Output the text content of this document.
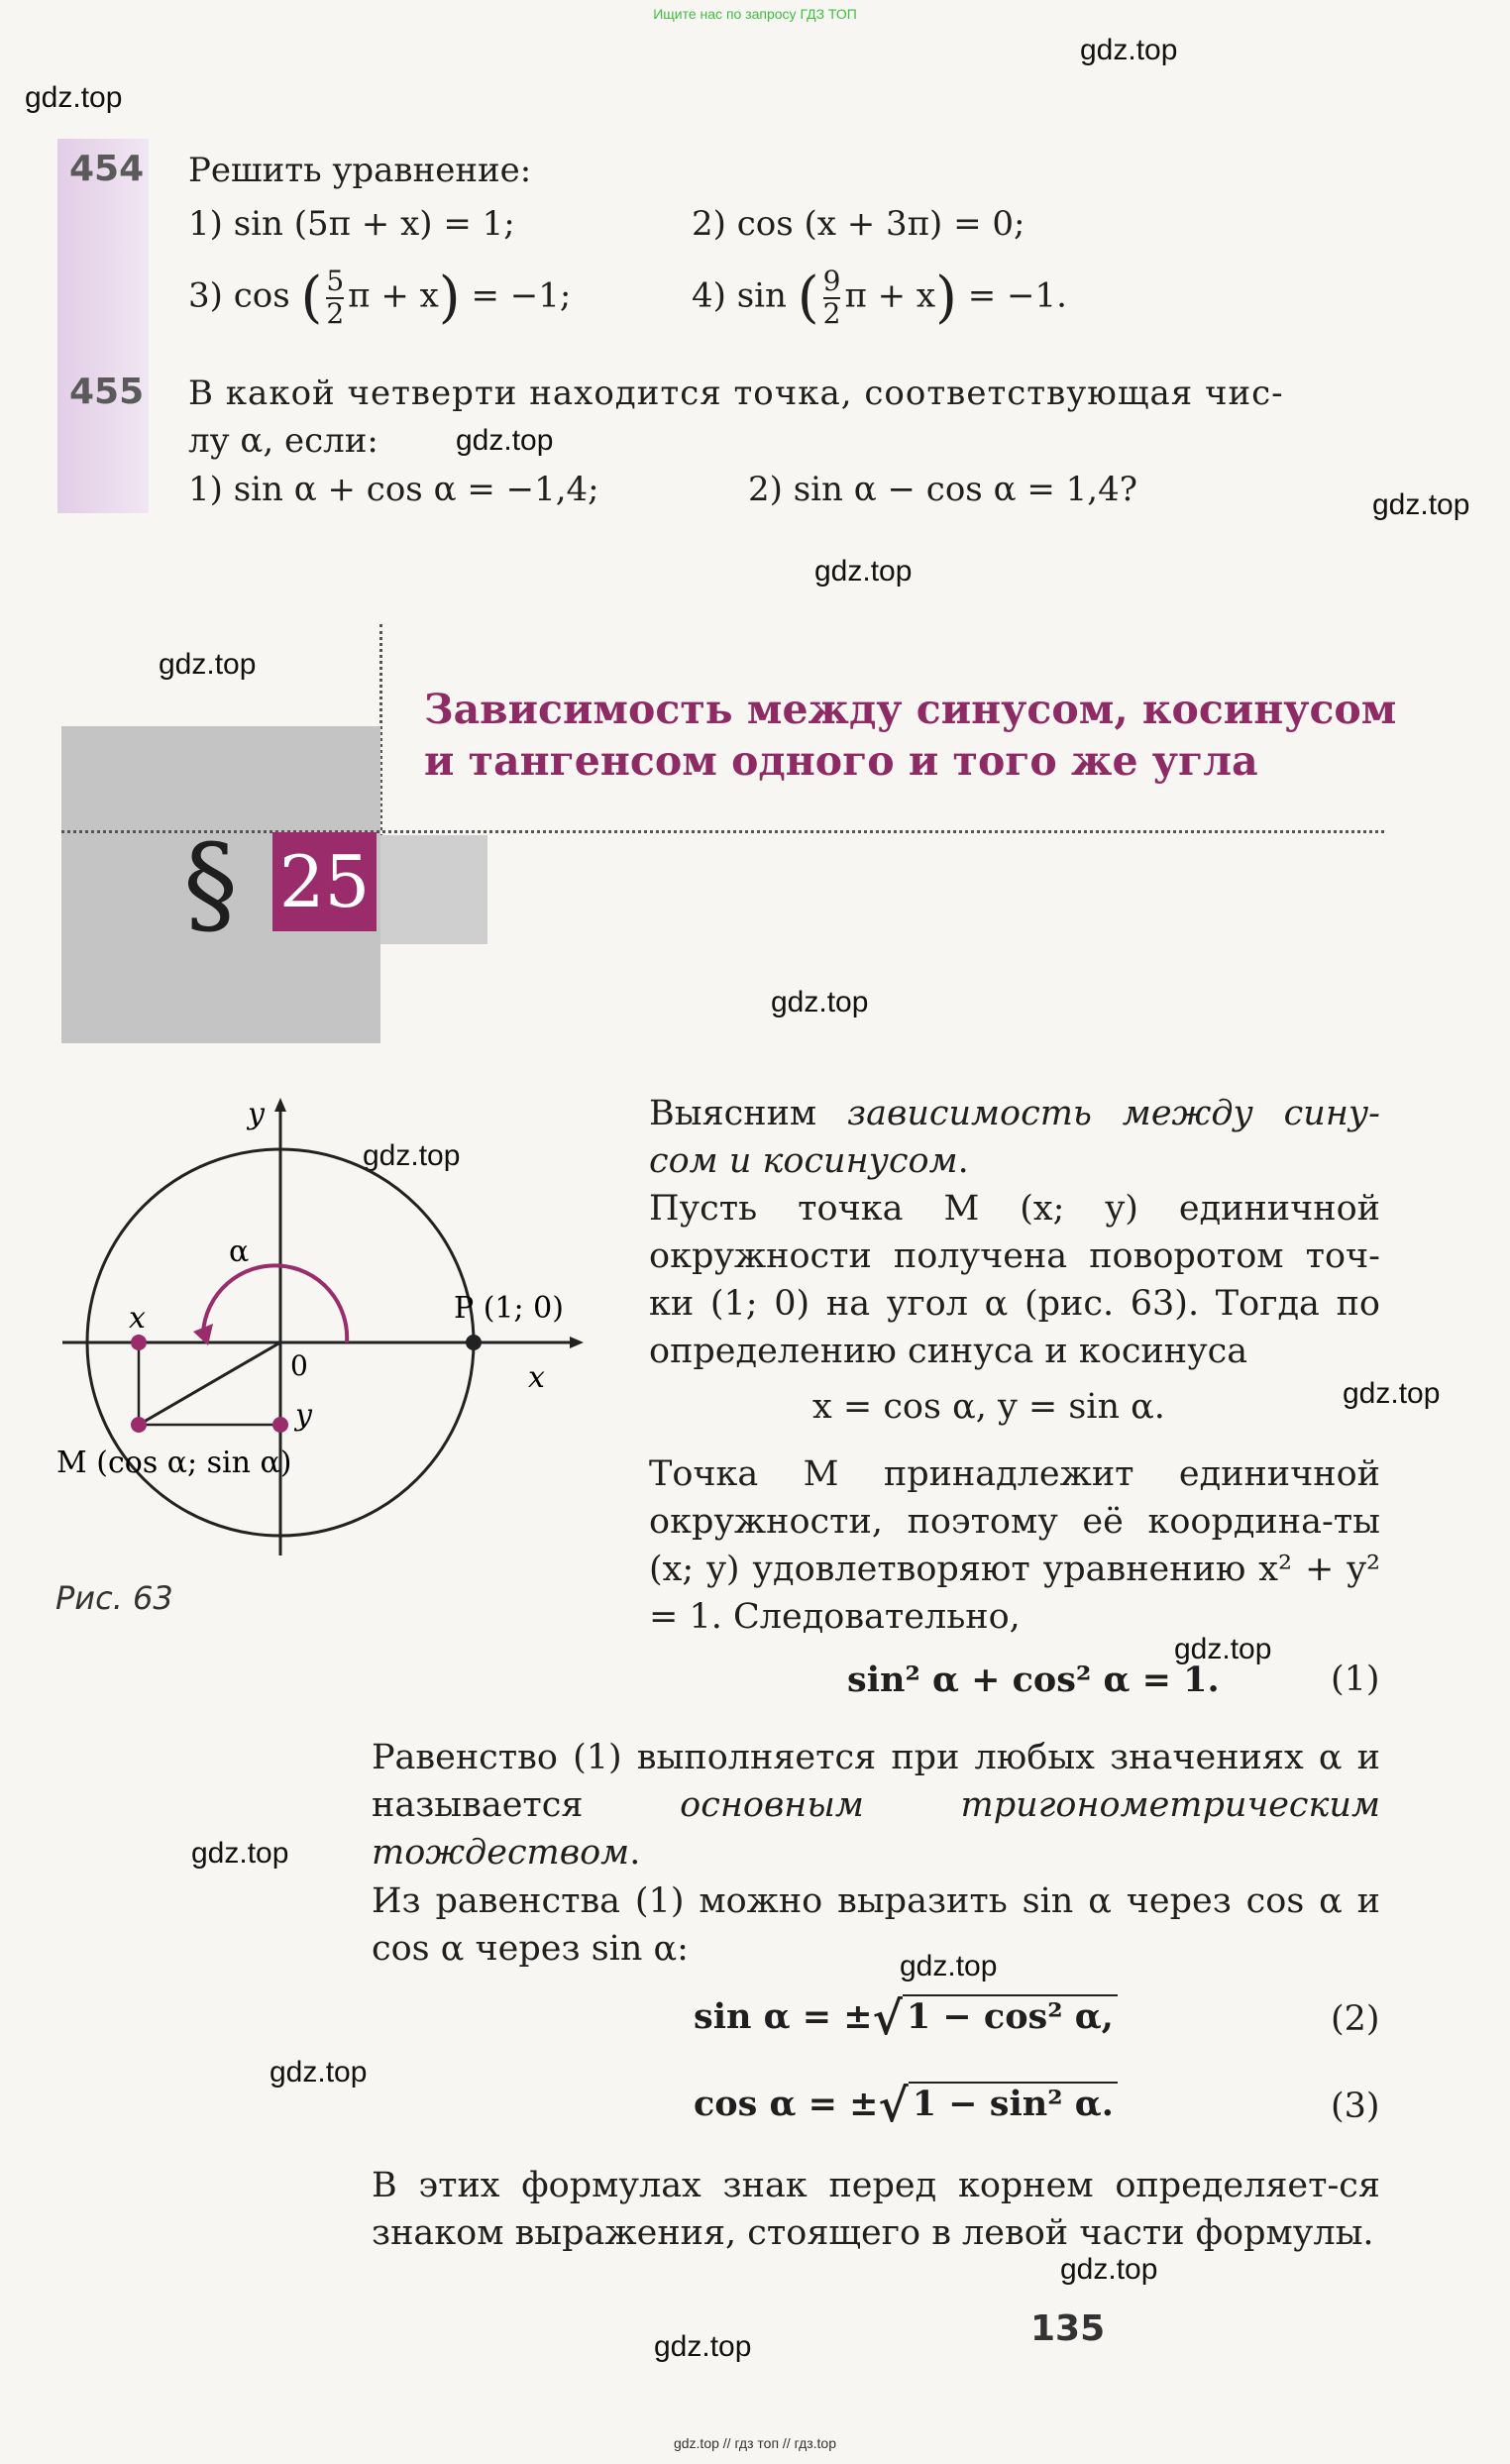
Ищите нас по запросу ГДЗ ТОП
gdz.top
gdz.top
gdz.top
gdz.top
gdz.top
gdz.top
gdz.top
gdz.top
gdz.top
gdz.top
gdz.top
gdz.top
gdz.top
gdz.top
gdz.top
454 Решить уравнение:
1) sin (5π + x) = 1;	2) cos (x + 3π) = 0;
3) cos ( $\frac{5}{2}$ π + x) = −1;	4) sin ( $\frac{9}{2}$ π + x) = −1.
455 В какой четверти находится точка, соответствующая чис-
лу α, если:
1) sin α + cos α = −1,4;	2) sin α − cos α = 1,4?
§ 25
Зависимость между синусом, косинусом
и тангенсом одного и того же угла
y
x
α
x
y
0
P (1; 0)
M (cos α; sin α)
Рис. 63
Выясним зависимость между сину-сом и косинусом.
Пусть точка M (x; y) единичной окружности получена поворотом точ-ки (1; 0) на угол α (рис. 63). Тогда по определению синуса и косинуса
x = cos α, y = sin α.
Точка M принадлежит единичной окружности, поэтому её координа-ты (x; y) удовлетворяют уравнению x² + y² = 1. Следовательно,
sin² α + cos² α = 1.	(1)
Равенство (1) выполняется при любых значениях α и называется основным тригонометрическим тождеством.
Из равенства (1) можно выразить sin α через cos α и cos α через sin α:
sin α = ±√ 1 − cos² α,	(2)
cos α = ±√ 1 − sin² α.	(3)
В этих формулах знак перед корнем определяет-ся знаком выражения, стоящего в левой части формулы.
135
gdz.top // гдз топ // гдз.top
